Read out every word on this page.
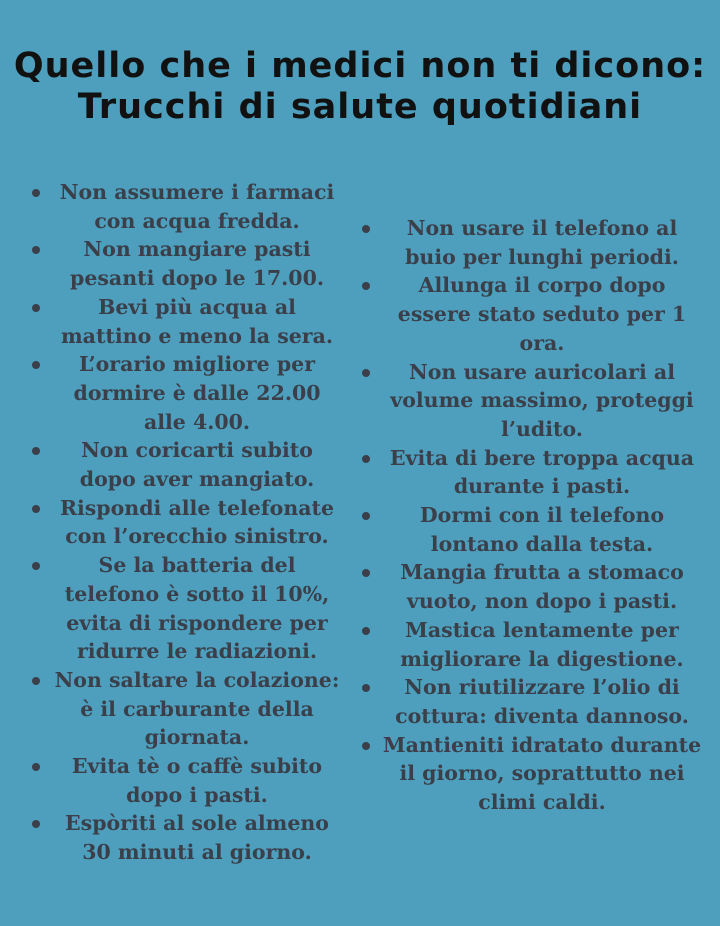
Quello che i medici non ti dicono: Trucchi di salute quotidiani
Non assumere i farmaci con acqua fredda.
Non mangiare pasti pesanti dopo le 17.00.
Bevi più acqua al mattino e meno la sera.
L’orario migliore per dormire è dalle 22.00 alle 4.00.
Non coricarti subito dopo aver mangiato.
Rispondi alle telefonate con l’orecchio sinistro.
Se la batteria del telefono è sotto il 10%, evita di rispondere per ridurre le radiazioni.
Non saltare la colazione: è il carburante della giornata.
Evita tè o caffè subito dopo i pasti.
Espòriti al sole almeno 30 minuti al giorno.
Non usare il telefono al buio per lunghi periodi.
Allunga il corpo dopo essere stato seduto per 1 ora.
Non usare auricolari al volume massimo, proteggi l’udito.
Evita di bere troppa acqua durante i pasti.
Dormi con il telefono lontano dalla testa.
Mangia frutta a stomaco vuoto, non dopo i pasti.
Mastica lentamente per migliorare la digestione.
Non riutilizzare l’olio di cottura: diventa dannoso.
Mantieniti idratato durante il giorno, soprattutto nei climi caldi.
